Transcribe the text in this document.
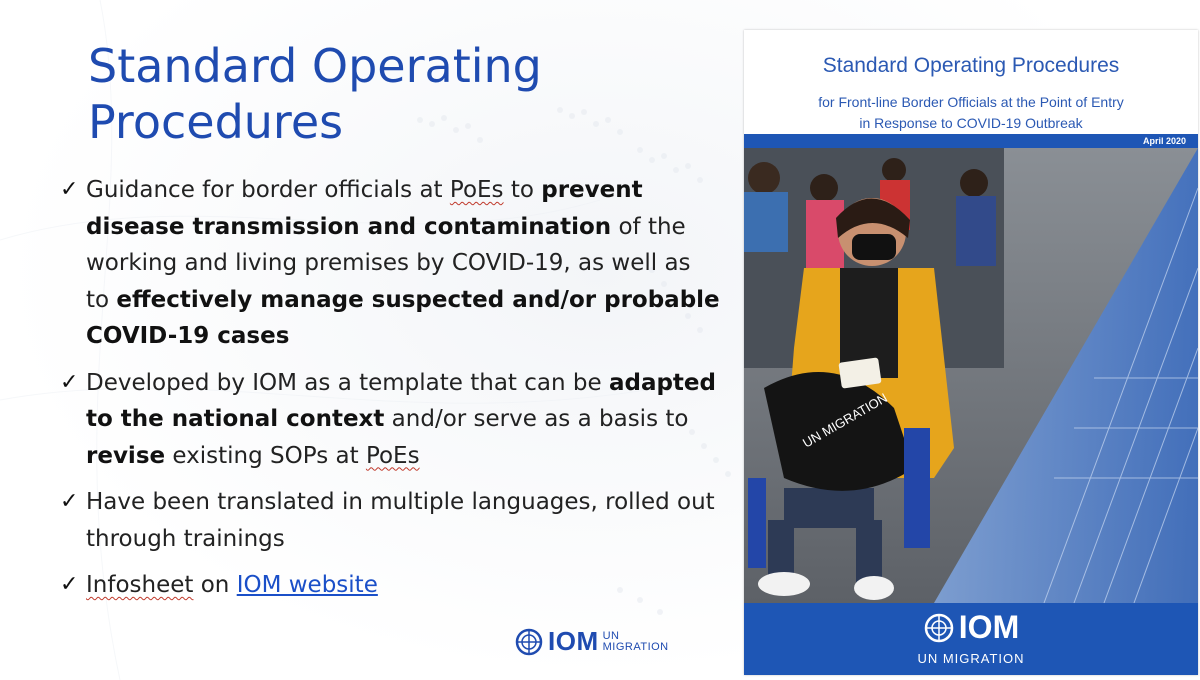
Standard Operating
Procedures
✓ Guidance for border officials at PoEs to prevent disease transmission and contamination of the working and living premises by COVID-19, as well as to effectively manage suspected and/or probable COVID-19 cases
✓ Developed by IOM as a template that can be adapted to the national context and/or serve as a basis to revise existing SOPs at PoEs
✓ Have been translated in multiple languages, rolled out through trainings
✓ Infosheet on IOM website
IOM UN
MIGRATION
Standard Operating Procedures
for Front-line Border Officials at the Point of Entry
in Response to COVID-19 Outbreak
April 2020
UN MIGRATION
IOM
UN MIGRATION
